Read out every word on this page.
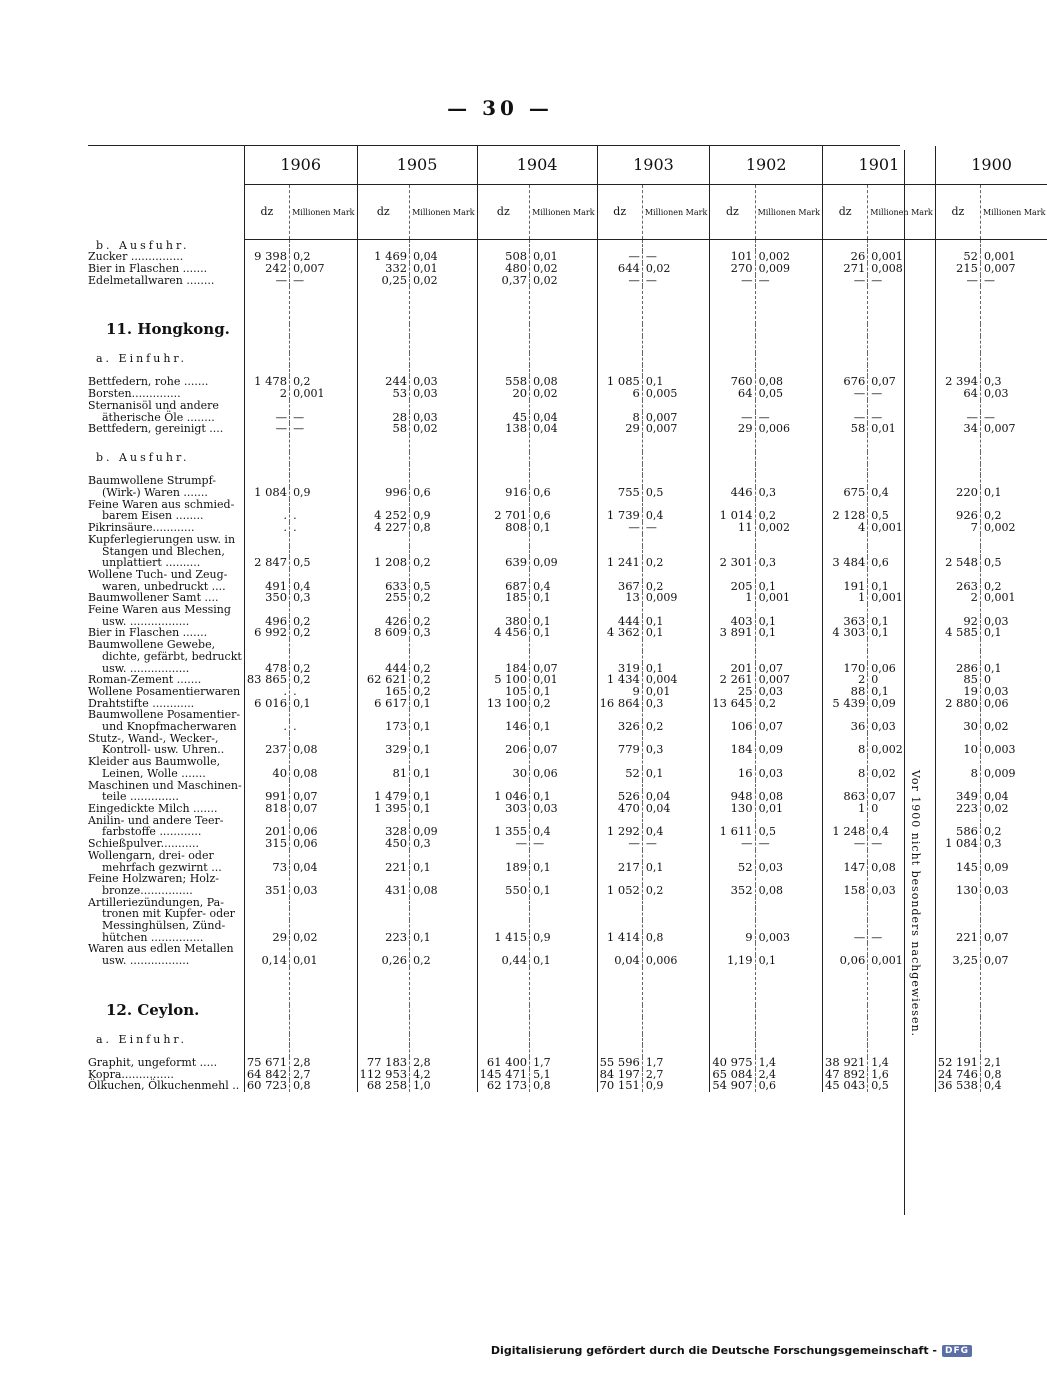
— 30 —
	1906		1905		1904		1903		1902		1901		1900	
	dz	Millionen Mark	dz	Millionen Mark	dz	Millionen Mark	dz	Millionen Mark	dz	Millionen Mark	dz	Millionen Mark	dz	Millionen Mark
b. Ausfuhr.														
Zucker ...............	9 398	0,2	1 469	0,04	508	0,01	—	—	101	0,002	26	0,001	52	0,001
Bier in Flaschen .......	242	0,007	332	0,01	480	0,02	644	0,02	270	0,009	271	0,008	215	0,007
Edelmetallwaren ........	—	—	0,25	0,02	0,37	0,02	—	—	—	—	—	—	—	—

11. Hongkong.														

a. Einfuhr.														

Bettfedern, rohe .......	1 478	0,2	244	0,03	558	0,08	1 085	0,1	760	0,08	676	0,07	2 394	0,3
Borsten..............	2	0,001	53	0,03	20	0,02	6	0,005	64	0,05	—	—	64	0,03
Sternanisöl und andere														
ätherische Öle ........	—	—	28	0,03	45	0,04	8	0,007	—	—	—	—	—	—
Bettfedern, gereinigt ....	—	—	58	0,02	138	0,04	29	0,007	29	0,006	58	0,01	34	0,007

b. Ausfuhr.														

Baumwollene Strumpf-														
(Wirk-) Waren .......	1 084	0,9	996	0,6	916	0,6	755	0,5	446	0,3	675	0,4	220	0,1
Feine Waren aus schmied-														
barem Eisen ........	.	.	4 252	0,9	2 701	0,6	1 739	0,4	1 014	0,2	2 128	0,5	926	0,2
Pikrinsäure............	.	.	4 227	0,8	808	0,1	—	—	11	0,002	4	0,001	7	0,002
Kupferlegierungen usw. in														
Stangen und Blechen,														
unplattiert ..........	2 847	0,5	1 208	0,2	639	0,09	1 241	0,2	2 301	0,3	3 484	0,6	2 548	0,5
Wollene Tuch- und Zeug-														
waren, unbedruckt ....	491	0,4	633	0,5	687	0,4	367	0,2	205	0,1	191	0,1	263	0,2
Baumwollener Samt ....	350	0,3	255	0,2	185	0,1	13	0,009	1	0,001	1	0,001	2	0,001
Feine Waren aus Messing														
usw. .................	496	0,2	426	0,2	380	0,1	444	0,1	403	0,1	363	0,1	92	0,03
Bier in Flaschen .......	6 992	0,2	8 609	0,3	4 456	0,1	4 362	0,1	3 891	0,1	4 303	0,1	4 585	0,1
Baumwollene Gewebe,														
dichte, gefärbt, bedruckt														
usw. .................	478	0,2	444	0,2	184	0,07	319	0,1	201	0,07	170	0,06	286	0,1
Roman-Zement .......	83 865	0,2	62 621	0,2	5 100	0,01	1 434	0,004	2 261	0,007	2	0	85	0
Wollene Posamentierwaren	.	.	165	0,2	105	0,1	9	0,01	25	0,03	88	0,1	19	0,03
Drahtstifte ............	6 016	0,1	6 617	0,1	13 100	0,2	16 864	0,3	13 645	0,2	5 439	0,09	2 880	0,06
Baumwollene Posamentier-														
und Knopfmacherwaren	.	.	173	0,1	146	0,1	326	0,2	106	0,07	36	0,03	30	0,02
Stutz-, Wand-, Wecker-,														
Kontroll- usw. Uhren..	237	0,08	329	0,1	206	0,07	779	0,3	184	0,09	8	0,002	10	0,003
Kleider aus Baumwolle,														
Leinen, Wolle .......	40	0,08	81	0,1	30	0,06	52	0,1	16	0,03	8	0,02	8	0,009
Maschinen und Maschinen-														
teile ..............	991	0,07	1 479	0,1	1 046	0,1	526	0,04	948	0,08	863	0,07	349	0,04
Eingedickte Milch .......	818	0,07	1 395	0,1	303	0,03	470	0,04	130	0,01	1	0	223	0,02
Anilin- und andere Teer-														
farbstoffe ............	201	0,06	328	0,09	1 355	0,4	1 292	0,4	1 611	0,5	1 248	0,4	586	0,2
Schießpulver...........	315	0,06	450	0,3	—	—	—	—	—	—	—	—	1 084	0,3
Wollengarn, drei- oder														
mehrfach gezwirnt ...	73	0,04	221	0,1	189	0,1	217	0,1	52	0,03	147	0,08	145	0,09
Feine Holzwaren; Holz-														
bronze...............	351	0,03	431	0,08	550	0,1	1 052	0,2	352	0,08	158	0,03	130	0,03
Artilleriezündungen, Pa-														
tronen mit Kupfer- oder														
Messinghülsen, Zünd-														
hütchen ...............	29	0,02	223	0,1	1 415	0,9	1 414	0,8	9	0,003	—	—	221	0,07
Waren aus edlen Metallen														
usw. .................	0,14	0,01	0,26	0,2	0,44	0,1	0,04	0,006	1,19	0,1	0,06	0,001	3,25	0,07

12. Ceylon.														

a. Einfuhr.														

Graphit, ungeformt .....	75 671	2,8	77 183	2,8	61 400	1,7	55 596	1,7	40 975	1,4	38 921	1,4	52 191	2,1
Kopra...............	64 842	2,7	112 953	4,2	145 471	5,1	84 197	2,7	65 084	2,4	47 892	1,6	24 746	0,8
Ölkuchen, Ölkuchenmehl ..	60 723	0,8	68 258	1,0	62 173	0,8	70 151	0,9	54 907	0,6	45 043	0,5	36 538	0,4
Vor 1900 nicht besonders nachgewiesen.
Digitalisierung gefördert durch die Deutsche Forschungsgemeinschaft - DFG
